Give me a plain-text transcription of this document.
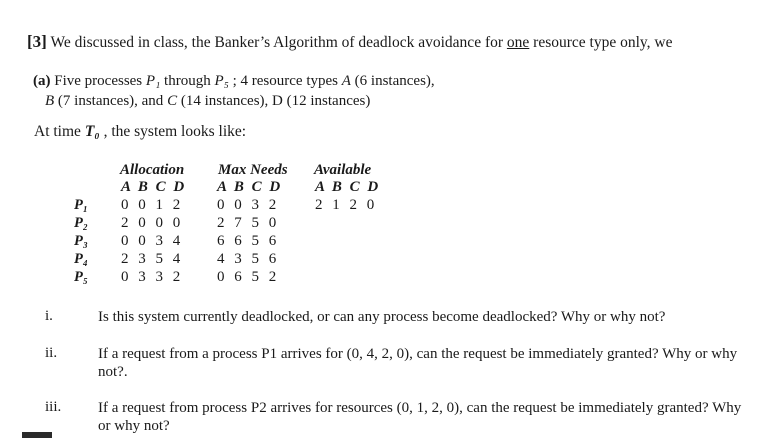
[3] We discussed in class, the Banker’s Algorithm of deadlock avoidance for one resource type only, we
(a) Five processes P₁ through P₅ ; 4 resource types A (6 instances),
B (7 instances), and C (14 instances), D (12 instances)
At time T₀ , the system looks like:
Allocation Max Needs Available
A B C D A B C D A B C D
P₁
P₂
P₃
P₄
P₅
0 0 1 2
2 0 0 0
0 0 3 4
2 3 5 4
0 3 3 2
0 0 3 2
2 7 5 0
6 6 5 6
4 3 5 6
0 6 5 2
2 1 2 0
i.	Is this system currently deadlocked, or can any process become deadlocked? Why or why not?
ii.	If a request from a process P1 arrives for (0, 4, 2, 0), can the request be immediately granted? Why or why not?.
iii. If a request from process P2 arrives for resources (0, 1, 2, 0), can the request be immediately granted? Why or why not?
